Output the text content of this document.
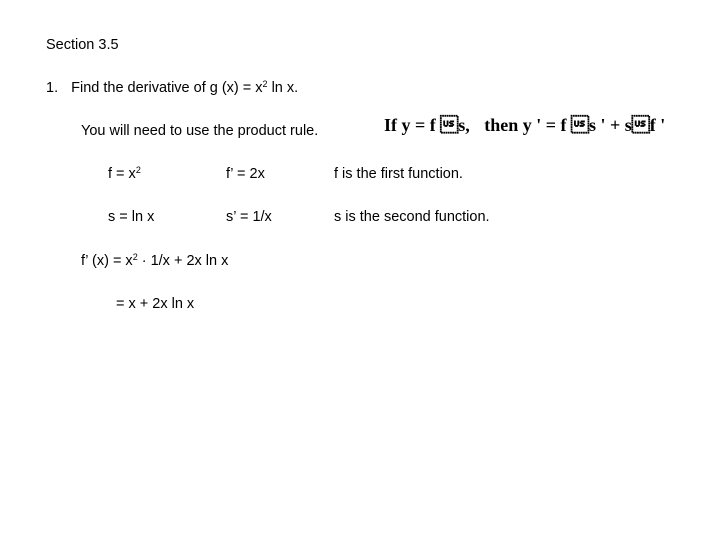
Section 3.5
1. Find the derivative of g $(x) = x^2$ ln x.
You will need to use the product rule.	If y = f s, then y ' = f s ' + sf '
$f = x^2$	f’ = 2x	f is the first function.
s = ln x	s’ = 1/x	s is the second function.
f’ $(x) = x^2 \cdot 1/x + 2x$ ln x
= x + 2x ln x
